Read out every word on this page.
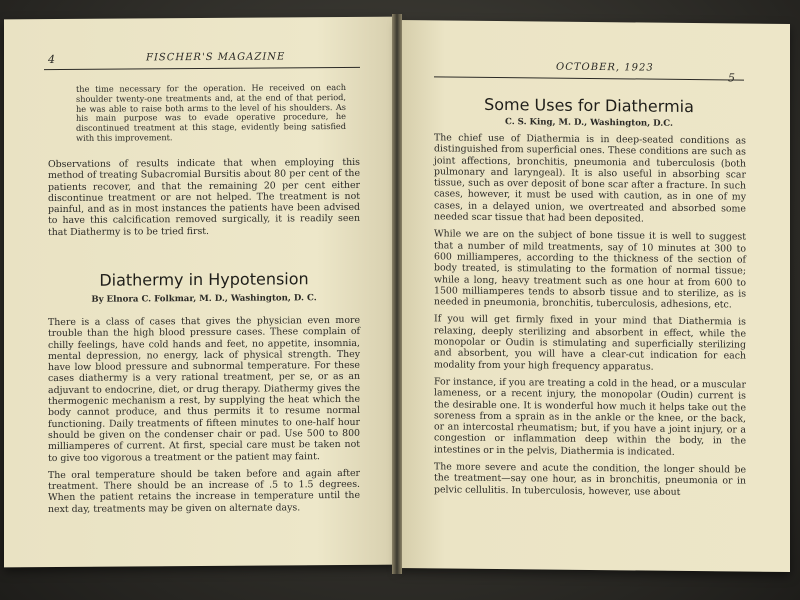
4	FISCHER'S MAGAZINE
the time necessary for the operation. He received on each shoulder twenty-one treatments and, at the end of that period, he was able to raise both arms to the level of his shoulders. As his main purpose was to evade operative procedure, he discontinued treatment at this stage, evidently being satisfied with this improvement.
Observations of results indicate that when employing this method of treating Subacromial Bursitis about 80 per cent of the patients recover, and that the remaining 20 per cent either discontinue treatment or are not helped. The treatment is not painful, and as in most instances the patients have been advised to have this calcification removed surgically, it is readily seen that Diathermy is to be tried first.
Diathermy in Hypotension
By Elnora C. Folkmar, M. D., Washington, D. C.

There is a class of cases that gives the physician even more trouble than the high blood pressure cases. These complain of chilly feelings, have cold hands and feet, no appetite, insomnia, mental depression, no energy, lack of physical strength. They have low blood pressure and subnormal temperature. For these cases diathermy is a very rational treatment, per se, or as an adjuvant to endocrine, diet, or drug therapy. Diathermy gives the thermogenic mechanism a rest, by supplying the heat which the body cannot produce, and thus permits it to resume normal functioning. Daily treatments of fifteen minutes to one-half hour should be given on the condenser chair or pad. Use 500 to 800 milliamperes of current. At first, special care must be taken not to give too vigorous a treatment or the patient may faint.

The oral temperature should be taken before and again after treatment. There should be an increase of .5 to 1.5 degrees. When the patient retains the increase in temperature until the next day, treatments may be given on alternate days.

OCTOBER, 1923
5
Some Uses for Diathermia
C. S. King, M. D., Washington, D.C.

The chief use of Diathermia is in deep-seated conditions as distinguished from superficial ones. These conditions are such as joint affections, bronchitis, pneumonia and tuberculosis (both pulmonary and laryngeal). It is also useful in absorbing scar tissue, such as over deposit of bone scar after a fracture. In such cases, however, it must be used with caution, as in one of my cases, in a delayed union, we overtreated and absorbed some needed scar tissue that had been deposited.

While we are on the subject of bone tissue it is well to suggest that a number of mild treatments, say of 10 minutes at 300 to 600 milliamperes, according to the thickness of the section of body treated, is stimulating to the formation of normal tissue; while a long, heavy treatment such as one hour at from 600 to 1500 milliamperes tends to absorb tissue and to sterilize, as is needed in pneumonia, bronchitis, tuberculosis, adhesions, etc.

If you will get firmly fixed in your mind that Diathermia is relaxing, deeply sterilizing and absorbent in effect, while the monopolar or Oudin is stimulating and superficially sterilizing and absorbent, you will have a clear-cut indication for each modality from your high frequency apparatus.

For instance, if you are treating a cold in the head, or a muscular lameness, or a recent injury, the monopolar (Oudin) current is the desirable one. It is wonderful how much it helps take out the soreness from a sprain as in the ankle or the knee, or the back, or an intercostal rheumatism; but, if you have a joint injury, or a congestion or inflammation deep within the body, in the intestines or in the pelvis, Diathermia is indicated.

The more severe and acute the condition, the longer should be the treatment—say one hour, as in bronchitis, pneumonia or in pelvic cellulitis. In tuberculosis, however, use about
